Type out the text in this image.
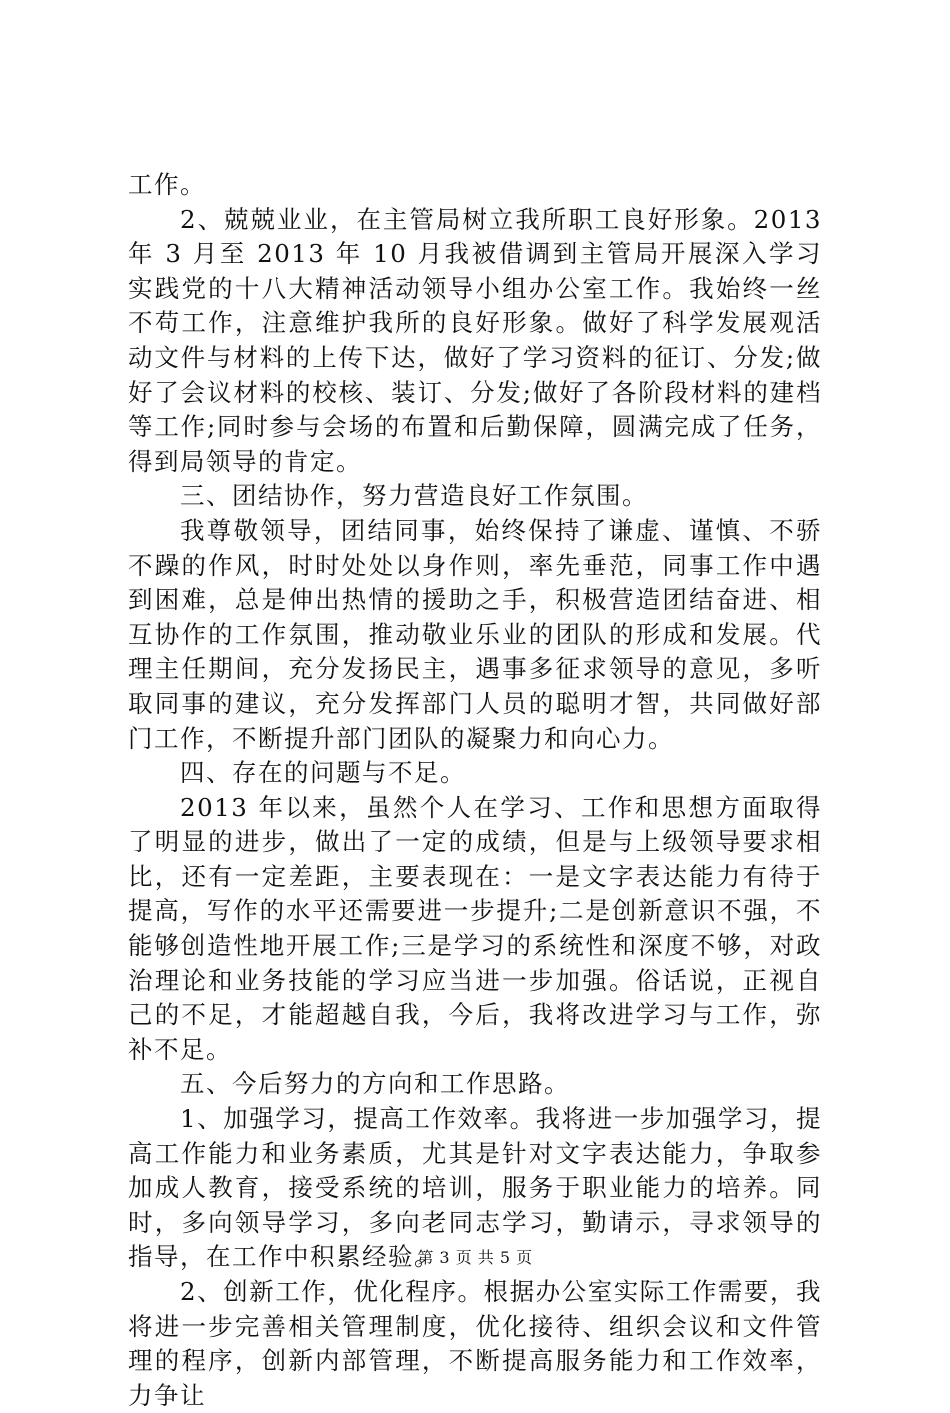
工作。

2、兢兢业业，在主管局树立我所职工良好形象。2013 年 3 月至 2013 年 10 月我被借调到主管局开展深入学习实践党的十八大精神活动领导小组办公室工作。我始终一丝不苟工作，注意维护我所的良好形象。做好了科学发展观活动文件与材料的上传下达，做好了学习资料的征订、分发;做好了会议材料的校核、装订、分发;做好了各阶段材料的建档等工作;同时参与会场的布置和后勤保障，圆满完成了任务，得到局领导的肯定。

三、团结协作，努力营造良好工作氛围。

我尊敬领导，团结同事，始终保持了谦虚、谨慎、不骄不躁的作风，时时处处以身作则，率先垂范，同事工作中遇到困难，总是伸出热情的援助之手，积极营造团结奋进、相互协作的工作氛围，推动敬业乐业的团队的形成和发展。代理主任期间，充分发扬民主，遇事多征求领导的意见，多听取同事的建议，充分发挥部门人员的聪明才智，共同做好部门工作，不断提升部门团队的凝聚力和向心力。

四、存在的问题与不足。

2013 年以来，虽然个人在学习、工作和思想方面取得了明显的进步，做出了一定的成绩，但是与上级领导要求相比，还有一定差距，主要表现在：一是文字表达能力有待于提高，写作的水平还需要进一步提升;二是创新意识不强，不能够创造性地开展工作;三是学习的系统性和深度不够，对政治理论和业务技能的学习应当进一步加强。俗话说，正视自己的不足，才能超越自我，今后，我将改进学习与工作，弥补不足。

五、今后努力的方向和工作思路。

1、加强学习，提高工作效率。我将进一步加强学习，提高工作能力和业务素质，尤其是针对文字表达能力，争取参加成人教育，接受系统的培训，服务于职业能力的培养。同时，多向领导学习，多向老同志学习，勤请示，寻求领导的指导，在工作中积累经验。

2、创新工作，优化程序。根据办公室实际工作需要，我将进一步完善相关管理制度，优化接待、组织会议和文件管理的程序，创新内部管理，不断提高服务能力和工作效率，力争让

第 3 页 共 5 页
